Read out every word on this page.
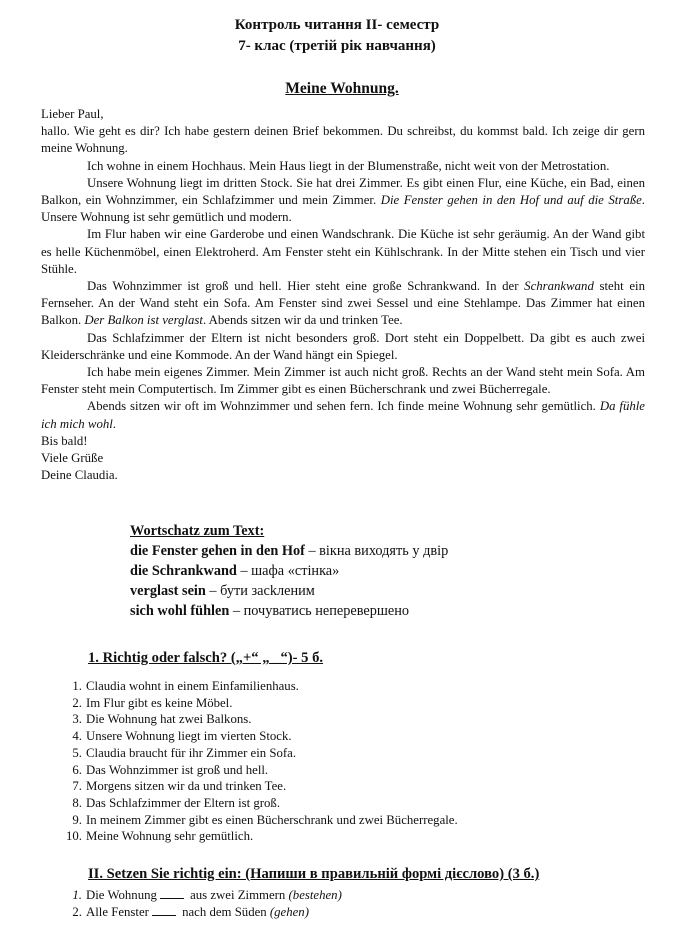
Контроль читання ІІ- семестр
7- клас (третій рік навчання)
Meine Wohnung.

Lieber Paul,

hallo. Wie geht es dir? Ich habe gestern deinen Brief bekommen. Du schreibst, du kommst bald. Ich zeige dir gern meine Wohnung.

Ich wohne in einem Hochhaus. Mein Haus liegt in der Blumenstraße, nicht weit von der Metrostation.

Unsere Wohnung liegt im dritten Stock. Sie hat drei Zimmer. Es gibt einen Flur, eine Küche, ein Bad, einen Balkon, ein Wohnzimmer, ein Schlafzimmer und mein Zimmer. Die Fenster gehen in den Hof und auf die Straße. Unsere Wohnung ist sehr gemütlich und modern.

Im Flur haben wir eine Garderobe und einen Wandschrank. Die Küche ist sehr geräumig. An der Wand gibt es helle Küchenmöbel, einen Elektroherd. Am Fenster steht ein Kühlschrank. In der Mitte stehen ein Tisch und vier Stühle.

Das Wohnzimmer ist groß und hell. Hier steht eine große Schrankwand. In der Schrankwand steht ein Fernseher. An der Wand steht ein Sofa. Am Fenster sind zwei Sessel und eine Stehlampe. Das Zimmer hat einen Balkon. Der Balkon ist verglast. Abends sitzen wir da und trinken Tee.

Das Schlafzimmer der Eltern ist nicht besonders groß. Dort steht ein Doppelbett. Da gibt es auch zwei Kleiderschränke und eine Kommode. An der Wand hängt ein Spiegel.

Ich habe mein eigenes Zimmer. Mein Zimmer ist auch nicht groß. Rechts an der Wand steht mein Sofa. Am Fenster steht mein Computertisch. Im Zimmer gibt es einen Bücherschrank und zwei Bücherregale.

Abends sitzen wir oft im Wohnzimmer und sehen fern. Ich finde meine Wohnung sehr gemütlich. Da fühle ich mich wohl.

Bis bald!

Viele Grüße

Deine Claudia.

Wortschatz zum Text:
die Fenster gehen in den Hof – вікна виходять у двір
die Schrankwand – шафа «стінка»
verglast sein – бути засkленим
sich wohl fühlen – почуватись неперевершено
1. Richtig oder falsch? („+“ „ _“)- 5 б.
1. Claudia wohnt in einem Einfamilienhaus.
2. Im Flur gibt es keine Möbel.
3. Die Wohnung hat zwei Balkons.
4. Unsere Wohnung liegt im vierten Stock.
5. Claudia braucht für ihr Zimmer ein Sofa.
6. Das Wohnzimmer ist groß und hell.
7. Morgens sitzen wir da und trinken Tee.
8. Das Schlafzimmer der Eltern ist groß.
9. In meinem Zimmer gibt es einen Bücherschrank und zwei Bücherregale.
10. Meine Wohnung sehr gemütlich.
ІІ. Setzen Sie richtig ein: (Напиши в правильній формі дієслово) (3 б.)
1. Die Wohnung aus zwei Zimmern (bestehen)
2. Alle Fenster nach dem Süden (gehen)
